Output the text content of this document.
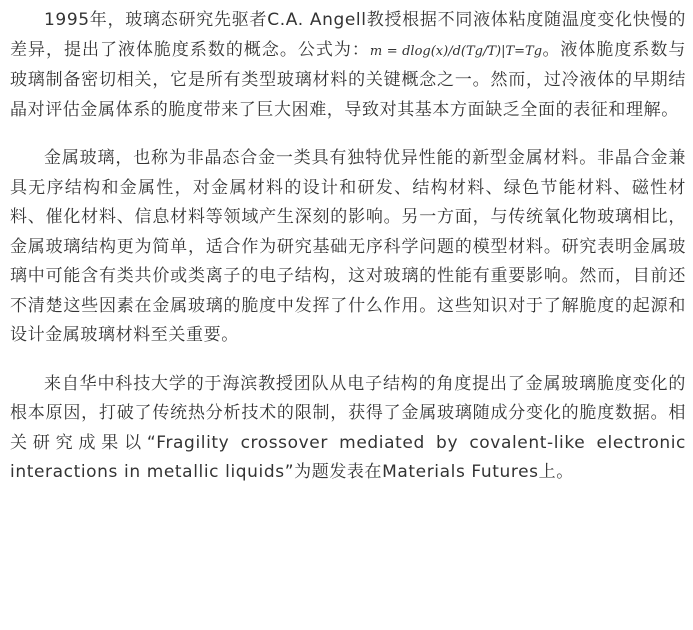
1995年，玻璃态研究先驱者C.A. Angell教授根据不同液体粘度随温度变化快慢的差异，提出了液体脆度系数的概念。公式为：m = dlog(x)/d(Tg/T)|T=Tg。液体脆度系数与玻璃制备密切相关，它是所有类型玻璃材料的关键概念之一。然而，过冷液体的早期结晶对评估金属体系的脆度带来了巨大困难，导致对其基本方面缺乏全面的表征和理解。

金属玻璃，也称为非晶态合金一类具有独特优异性能的新型金属材料。非晶合金兼具无序结构和金属性，对金属材料的设计和研发、结构材料、绿色节能材料、磁性材料、催化材料、信息材料等领域产生深刻的影响。另一方面，与传统氧化物玻璃相比，金属玻璃结构更为简单，适合作为研究基础无序科学问题的模型材料。研究表明金属玻璃中可能含有类共价或类离子的电子结构，这对玻璃的性能有重要影响。然而，目前还不清楚这些因素在金属玻璃的脆度中发挥了什么作用。这些知识对于了解脆度的起源和设计金属玻璃材料至关重要。

来自华中科技大学的于海滨教授团队从电子结构的角度提出了金属玻璃脆度变化的根本原因，打破了传统热分析技术的限制，获得了金属玻璃随成分变化的脆度数据。相关研究成果以“Fragility crossover mediated by covalent-like electronic interactions in metallic liquids”为题发表在Materials Futures上。
